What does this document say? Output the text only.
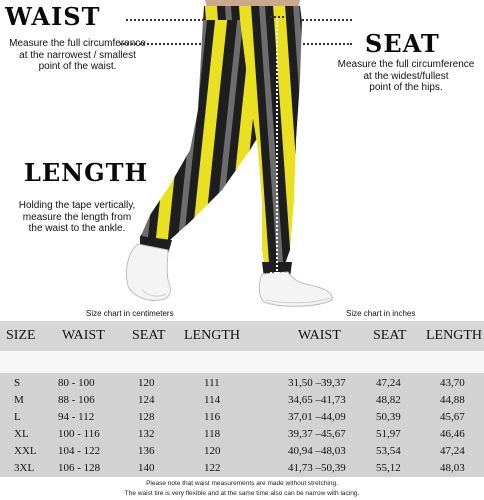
WAIST
Measure the full circumference
at the narrowest / smallest
point of the waist.
SEAT
Measure the full circumference
at the widest/fullest
point of the hips.
LENGTH
Holding the tape vertically,
measure the length from
the waist to the ankle.
Size chart in centimeters	Size chart in inches
SIZE WAIST SEAT LENGTH	WAIST SEAT LENGTH
S	80 - 100	120	111	31,50 –39,37	47,24	43,70
M	88 - 106	124	114	34,65 –41,73	48,82	44,88
L	94 - 112	128	116	37,01 –44,09	50,39	45,67
XL	100 - 116	132	118	39,37 –45,67	51,97	46,46
XXL 104 - 122	136	120	40,94 –48,03	53,54	47,24
3XL 106 - 128	140	122	41,73 –50,39	55,12	48,03
Please note that waist measurements are made without stretching.
The waist tire is very flexible and at the same time also can be narrow with lacing.
